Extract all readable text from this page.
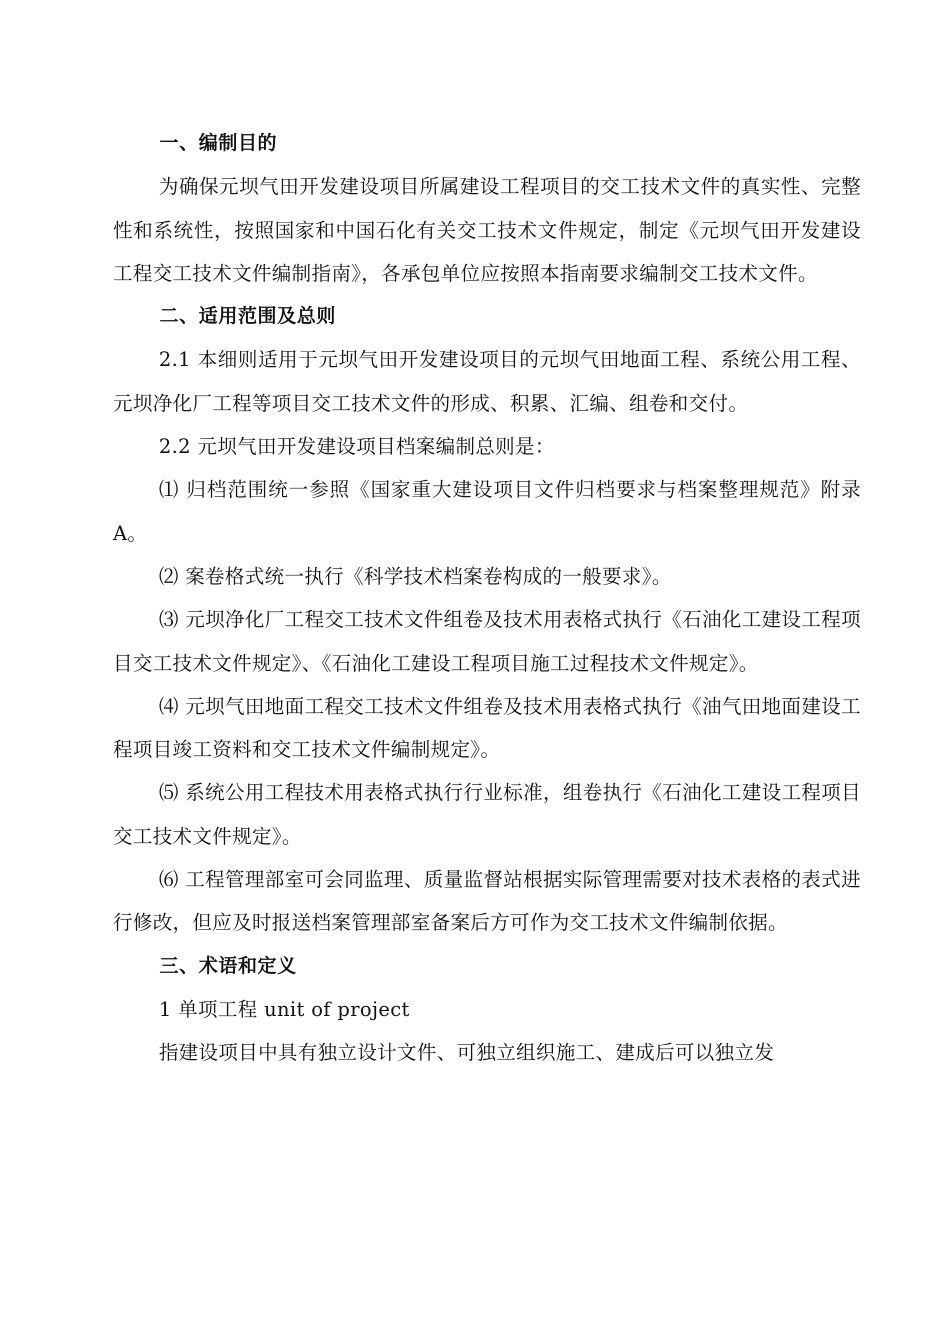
一、编制目的

为确保元坝气田开发建设项目所属建设工程项目的交工技术文件的真实性、完整性和系统性，按照国家和中国石化有关交工技术文件规定，制定《元坝气田开发建设工程交工技术文件编制指南》，各承包单位应按照本指南要求编制交工技术文件。

二、适用范围及总则

2.1 本细则适用于元坝气田开发建设项目的元坝气田地面工程、系统公用工程、元坝净化厂工程等项目交工技术文件的形成、积累、汇编、组卷和交付。

2.2 元坝气田开发建设项目档案编制总则是：

⑴ 归档范围统一参照《国家重大建设项目文件归档要求与档案整理规范》附录 A。

⑵ 案卷格式统一执行《科学技术档案卷构成的一般要求》。

⑶ 元坝净化厂工程交工技术文件组卷及技术用表格式执行《石油化工建设工程项目交工技术文件规定》、《石油化工建设工程项目施工过程技术文件规定》。

⑷ 元坝气田地面工程交工技术文件组卷及技术用表格式执行《油气田地面建设工程项目竣工资料和交工技术文件编制规定》。

⑸ 系统公用工程技术用表格式执行行业标准，组卷执行《石油化工建设工程项目交工技术文件规定》。

⑹ 工程管理部室可会同监理、质量监督站根据实际管理需要对技术表格的表式进行修改，但应及时报送档案管理部室备案后方可作为交工技术文件编制依据。

三、术语和定义

1 单项工程 unit of project

指建设项目中具有独立设计文件、可独立组织施工、建成后可以独立发
